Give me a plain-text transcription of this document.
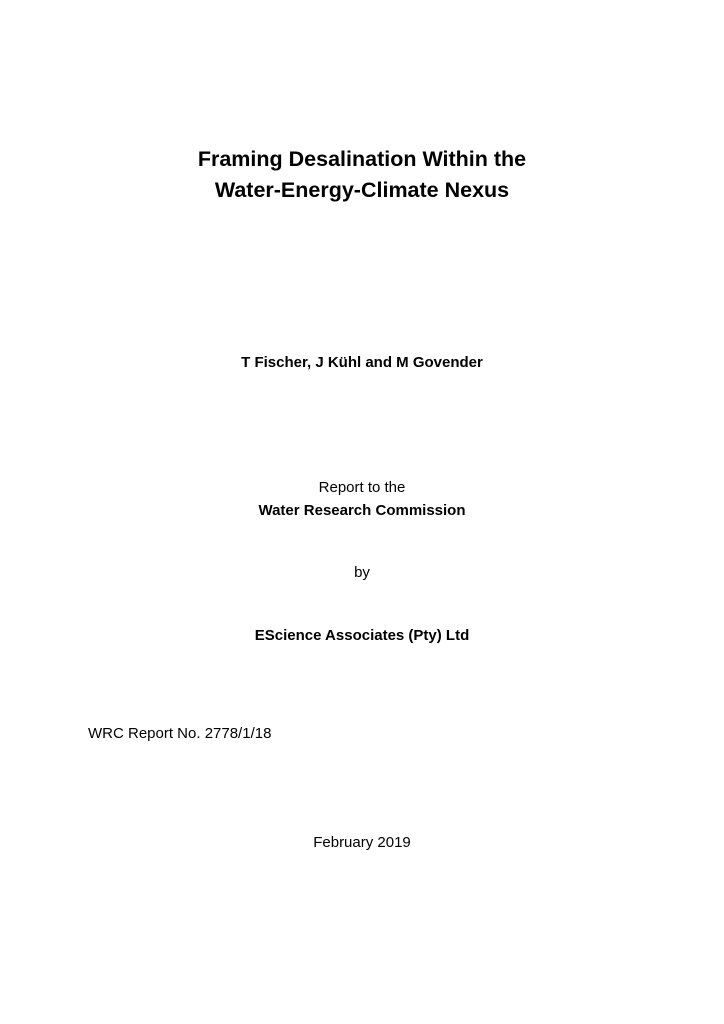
Framing Desalination Within the
Water-Energy-Climate Nexus
T Fischer, J Kühl and M Govender
Report to the
Water Research Commission
by
EScience Associates (Pty) Ltd
WRC Report No. 2778/1/18
February 2019
